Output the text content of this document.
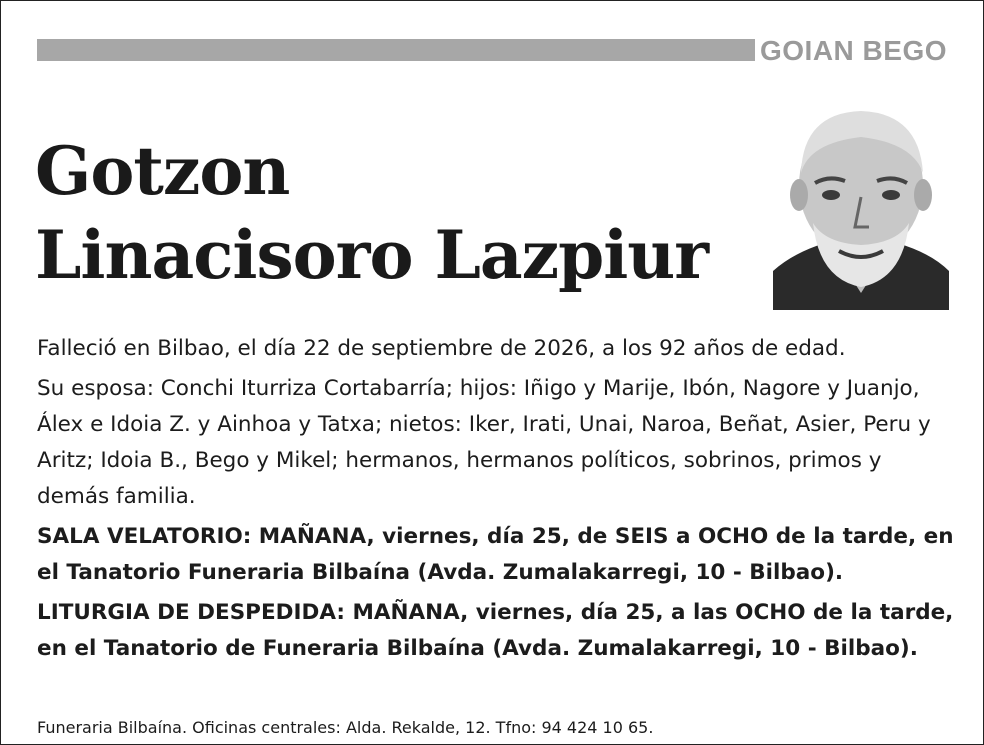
GOIAN BEGO
Gotzon
Linacisoro Lazpiur

Falleció en Bilbao, el día 22 de septiembre de 2026, a los 92 años de edad.

Su esposa: Conchi Iturriza Cortabarría; hijos: Iñigo y Marije, Ibón, Nagore y Juanjo, Álex e Idoia Z. y Ainhoa y Tatxa; nietos: Iker, Irati, Unai, Naroa, Beñat, Asier, Peru y Aritz; Idoia B., Bego y Mikel; hermanos, hermanos políticos, sobrinos, primos y demás familia.

SALA VELATORIO: MAÑANA, viernes, día 25, de SEIS a OCHO de la tarde, en el Tanatorio Funeraria Bilbaína (Avda. Zumalakarregi, 10 - Bilbao).

LITURGIA DE DESPEDIDA: MAÑANA, viernes, día 25, a las OCHO de la tarde, en el Tanatorio de Funeraria Bilbaína (Avda. Zumalakarregi, 10 - Bilbao).

Funeraria Bilbaína. Oficinas centrales: Alda. Rekalde, 12. Tfno: 94 424 10 65.
